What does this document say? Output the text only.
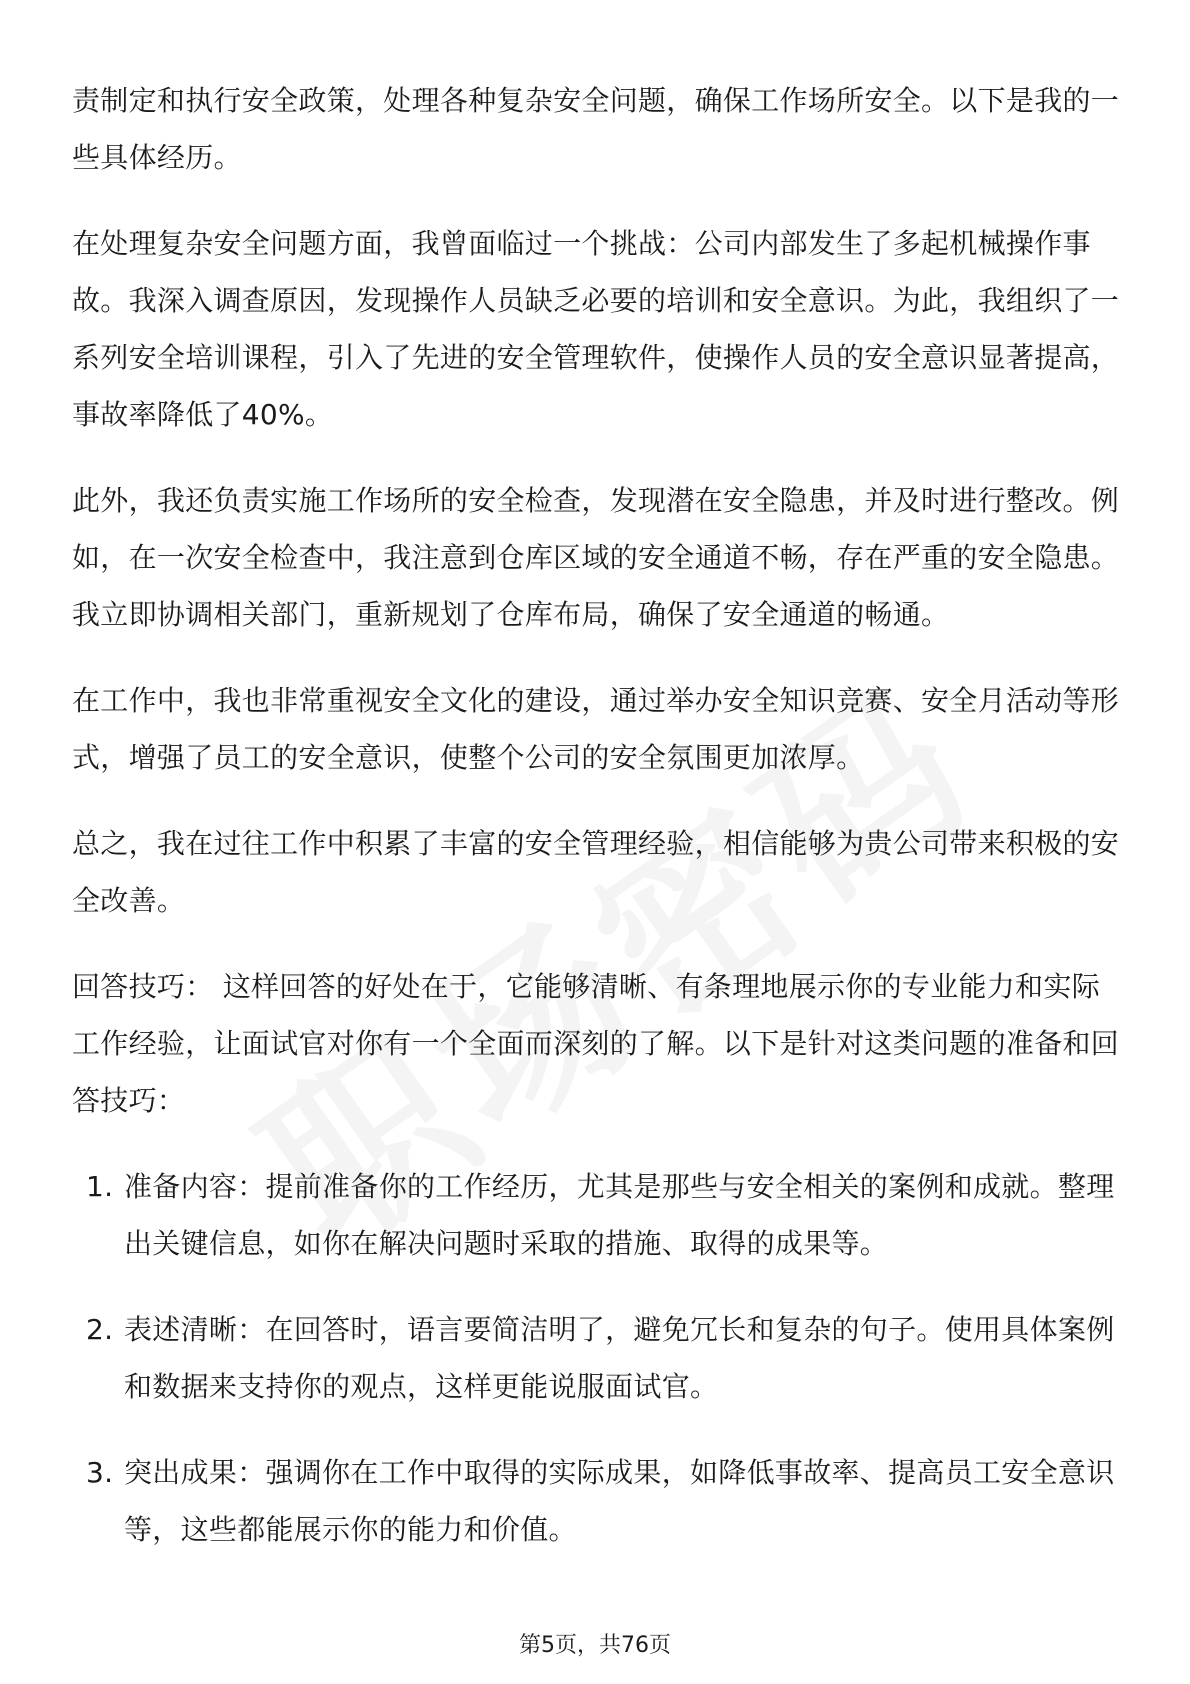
责制定和执行安全政策，处理各种复杂安全问题，确保工作场所安全。以下是我的一些具体经历。

在处理复杂安全问题方面，我曾面临过一个挑战：公司内部发生了多起机械操作事故。我深入调查原因，发现操作人员缺乏必要的培训和安全意识。为此，我组织了一系列安全培训课程，引入了先进的安全管理软件，使操作人员的安全意识显著提高，事故率降低了40%。

此外，我还负责实施工作场所的安全检查，发现潜在安全隐患，并及时进行整改。例如，在一次安全检查中，我注意到仓库区域的安全通道不畅，存在严重的安全隐患。我立即协调相关部门，重新规划了仓库布局，确保了安全通道的畅通。

在工作中，我也非常重视安全文化的建设，通过举办安全知识竞赛、安全月活动等形式，增强了员工的安全意识，使整个公司的安全氛围更加浓厚。

总之，我在过往工作中积累了丰富的安全管理经验，相信能够为贵公司带来积极的安全改善。

回答技巧： 这样回答的好处在于，它能够清晰、有条理地展示你的专业能力和实际工作经验，让面试官对你有一个全面而深刻的了解。以下是针对这类问题的准备和回答技巧：

1. 准备内容：提前准备你的工作经历，尤其是那些与安全相关的案例和成就。整理出关键信息，如你在解决问题时采取的措施、取得的成果等。
2. 表述清晰：在回答时，语言要简洁明了，避免冗长和复杂的句子。使用具体案例和数据来支持你的观点，这样更能说服面试官。
3. 突出成果：强调你在工作中取得的实际成果，如降低事故率、提高员工安全意识等，这些都能展示你的能力和价值。
第5页，共76页
